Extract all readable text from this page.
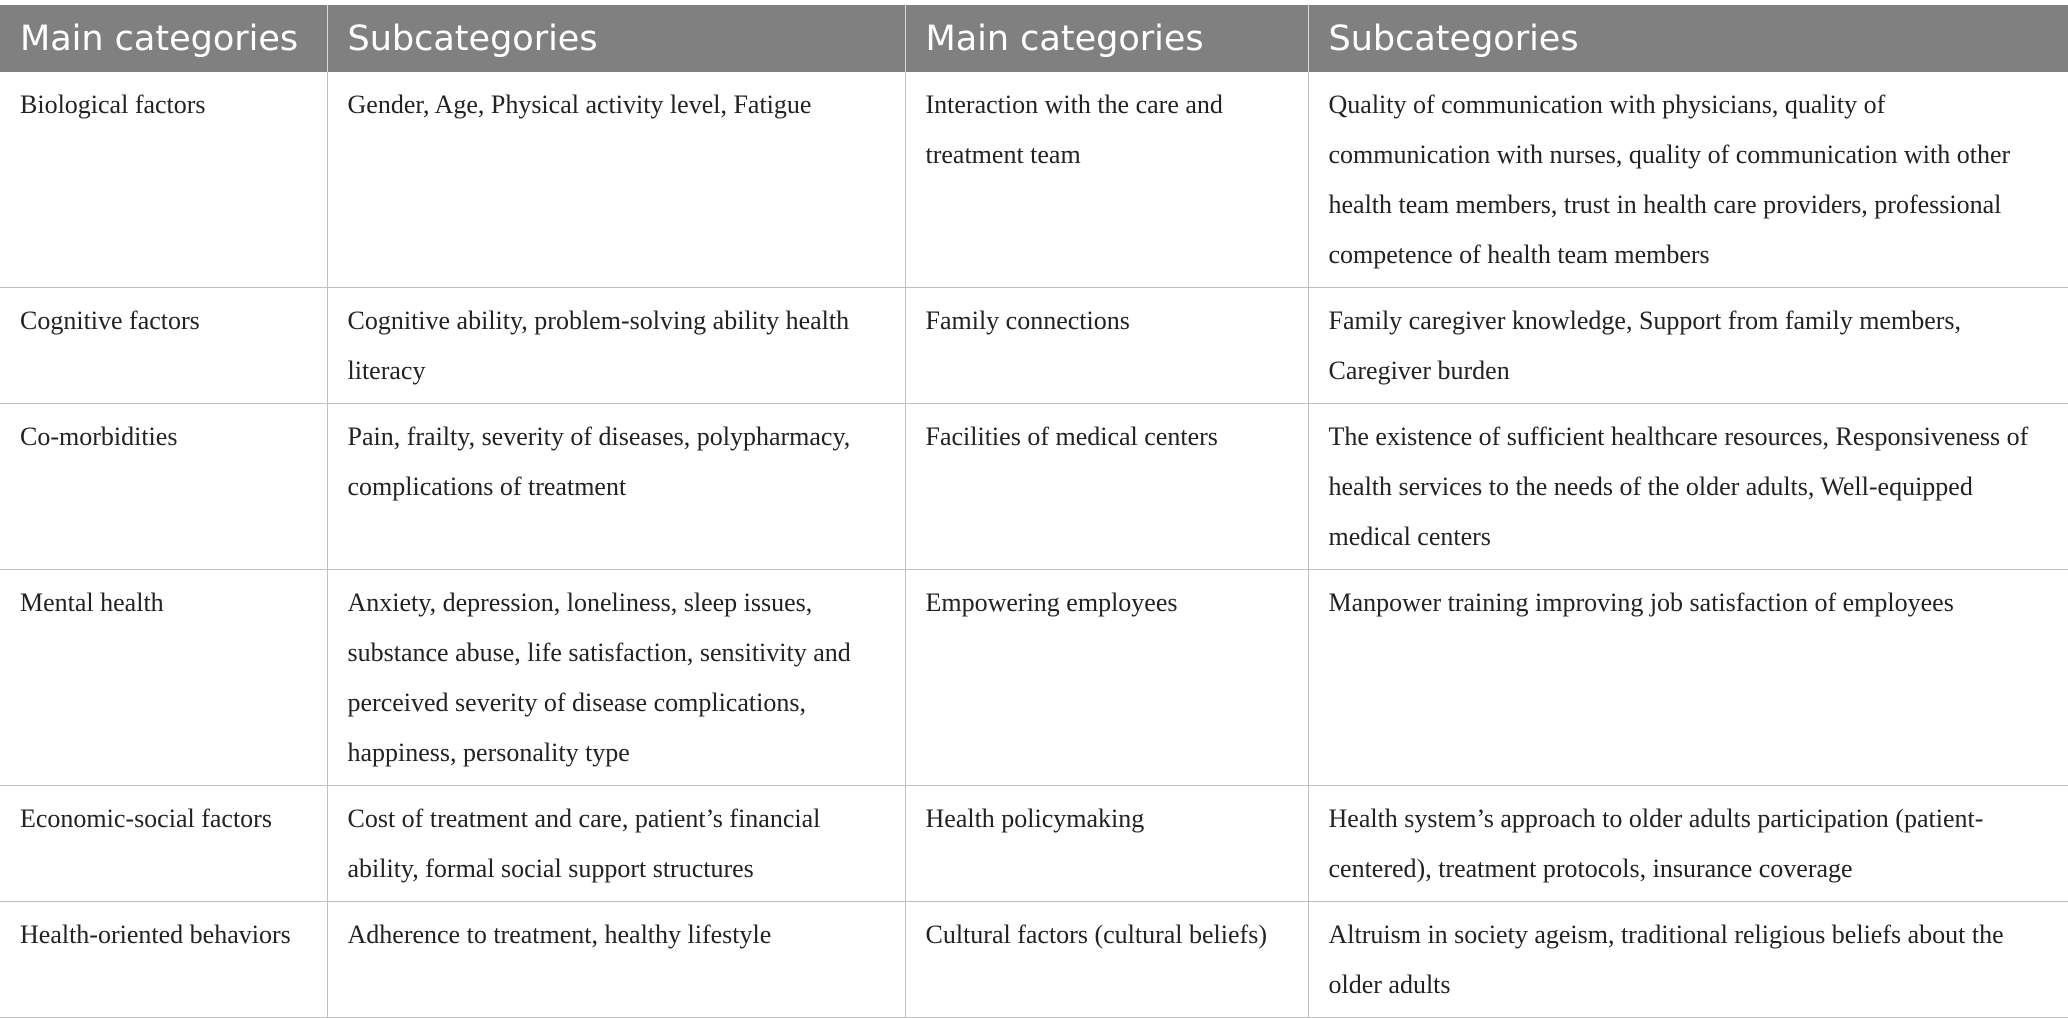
Main categories	Subcategories	Main categories	Subcategories
Biological factors	Gender, Age, Physical activity level, Fatigue	Interaction with the care and treatment team	Quality of communication with physicians, quality of communication with nurses, quality of communication with other health team members, trust in health care providers, professional competence of health team members
Cognitive factors	Cognitive ability, problem-solving ability health literacy	Family connections	Family caregiver knowledge, Support from family members, Caregiver burden
Co-morbidities	Pain, frailty, severity of diseases, polypharmacy, complications of treatment	Facilities of medical centers	The existence of sufficient healthcare resources, Responsiveness of health services to the needs of the older adults, Well-equipped medical centers
Mental health	Anxiety, depression, loneliness, sleep issues, substance abuse, life satisfaction, sensitivity and perceived severity of disease complications, happiness, personality type	Empowering employees	Manpower training improving job satisfaction of employees
Economic-social factors	Cost of treatment and care, patient’s financial ability, formal social support structures	Health policymaking	Health system’s approach to older adults participation (patient-centered), treatment protocols, insurance coverage
Health-oriented behaviors	Adherence to treatment, healthy lifestyle	Cultural factors (cultural beliefs)	Altruism in society ageism, traditional religious beliefs about the older adults
